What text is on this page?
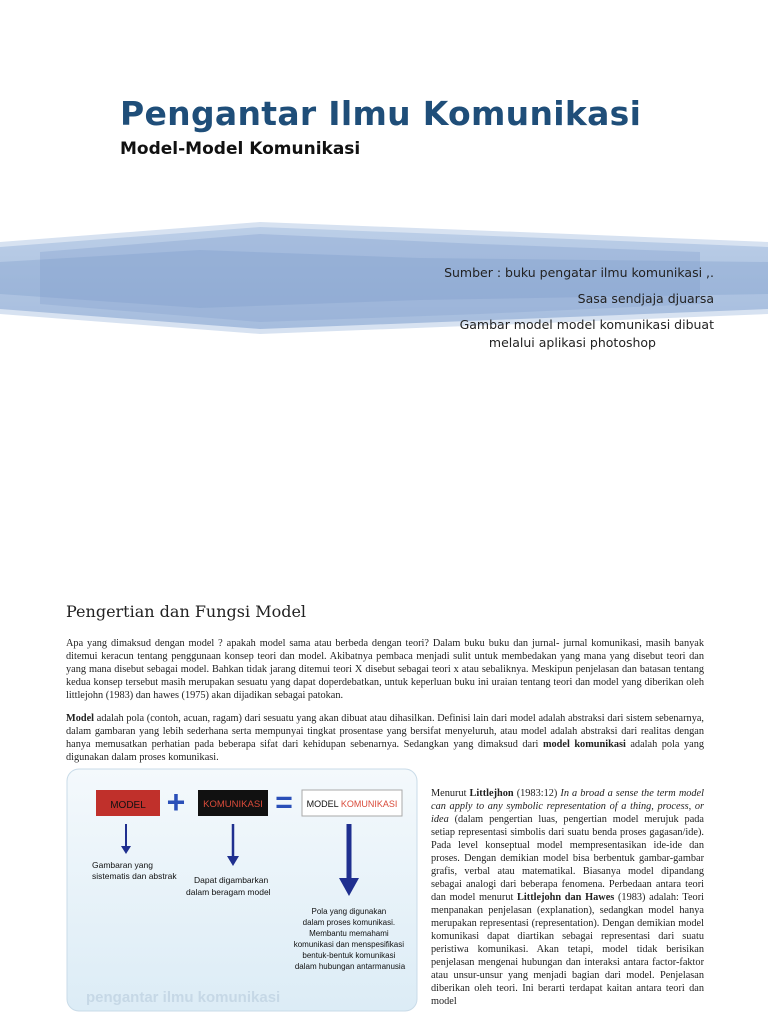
Pengantar Ilmu Komunikasi
Model-Model Komunikasi
Sumber : buku pengatar ilmu komunikasi ,.
Sasa sendjaja djuarsa
Gambar model model komunikasi dibuat
melalui aplikasi photoshop
Pengertian dan Fungsi Model

Apa yang dimaksud dengan model ? apakah model sama atau berbeda dengan teori? Dalam buku buku dan jurnal- jurnal komunikasi, masih banyak ditemui keracun tentang penggunaan konsep teori dan model. Akibatnya pembaca menjadi sulit untuk membedakan yang mana yang disebut teori dan yang mana disebut sebagai model. Bahkan tidak jarang ditemui teori X disebut sebagai teori x atau sebaliknya. Meskipun penjelasan dan batasan tentang kedua konsep tersebut masih merupakan sesuatu yang dapat doperdebatkan, untuk keperluan buku ini uraian tentang teori dan model yang diberikan oleh littlejohn (1983) dan hawes (1975) akan dijadikan sebagai patokan.

Model adalah pola (contoh, acuan, ragam) dari sesuatu yang akan dibuat atau dihasilkan. Definisi lain dari model adalah abstraksi dari sistem sebenarnya, dalam gambaran yang lebih sederhana serta mempunyai tingkat prosentase yang bersifat menyeluruh, atau model adalah abstraksi dari realitas dengan hanya memusatkan perhatian pada beberapa sifat dari kehidupan sebenarnya. Sedangkan yang dimaksud dari model komunikasi adalah pola yang digunakan dalam proses komunikasi.

Menurut Littlejhon (1983:12) In a broad a sense the term model can apply to any symbolic representation of a thing, process, or idea (dalam pengertian luas, pengertian model merujuk pada setiap representasi simbolis dari suatu benda proses gagasan/ide). Pada level konseptual model mempresentasikan ide-ide dan proses. Dengan demikian model bisa berbentuk gambar-gambar grafis, verbal atau matematikal. Biasanya model dipandang sebagai analogi dari beberapa fenomena. Perbedaan antara teori dan model menurut Littlejohn dan Hawes (1983) adalah: Teori menpanakan penjelasan (explanation), sedangkan model hanya merupakan representasi (representation). Dengan demikian model komunikasi dapat diartikan sebagai representasi dari suatu peristiwa komunikasi. Akan tetapi, model tidak berisikan penjelasan mengenai hubungan dan interaksi antara factor-faktor atau unsur-unsur yang menjadi bagian dari model. Penjelasan diberikan oleh teori. Ini berarti terdapat kaitan antara teori dan model
pengantar ilmu komunikasi
MODEL + KOMUNIKASI = MODEL KOMUNIKASI
Gambaran yang sistematis dan abstrak	Dapat digambarkan dalam beragam model
Pola yang digunakan dalam proses komunikasi. Membantu memahami komunikasi dan menspesifikasi bentuk-bentuk komunikasi dalam hubungan antarmanusia
